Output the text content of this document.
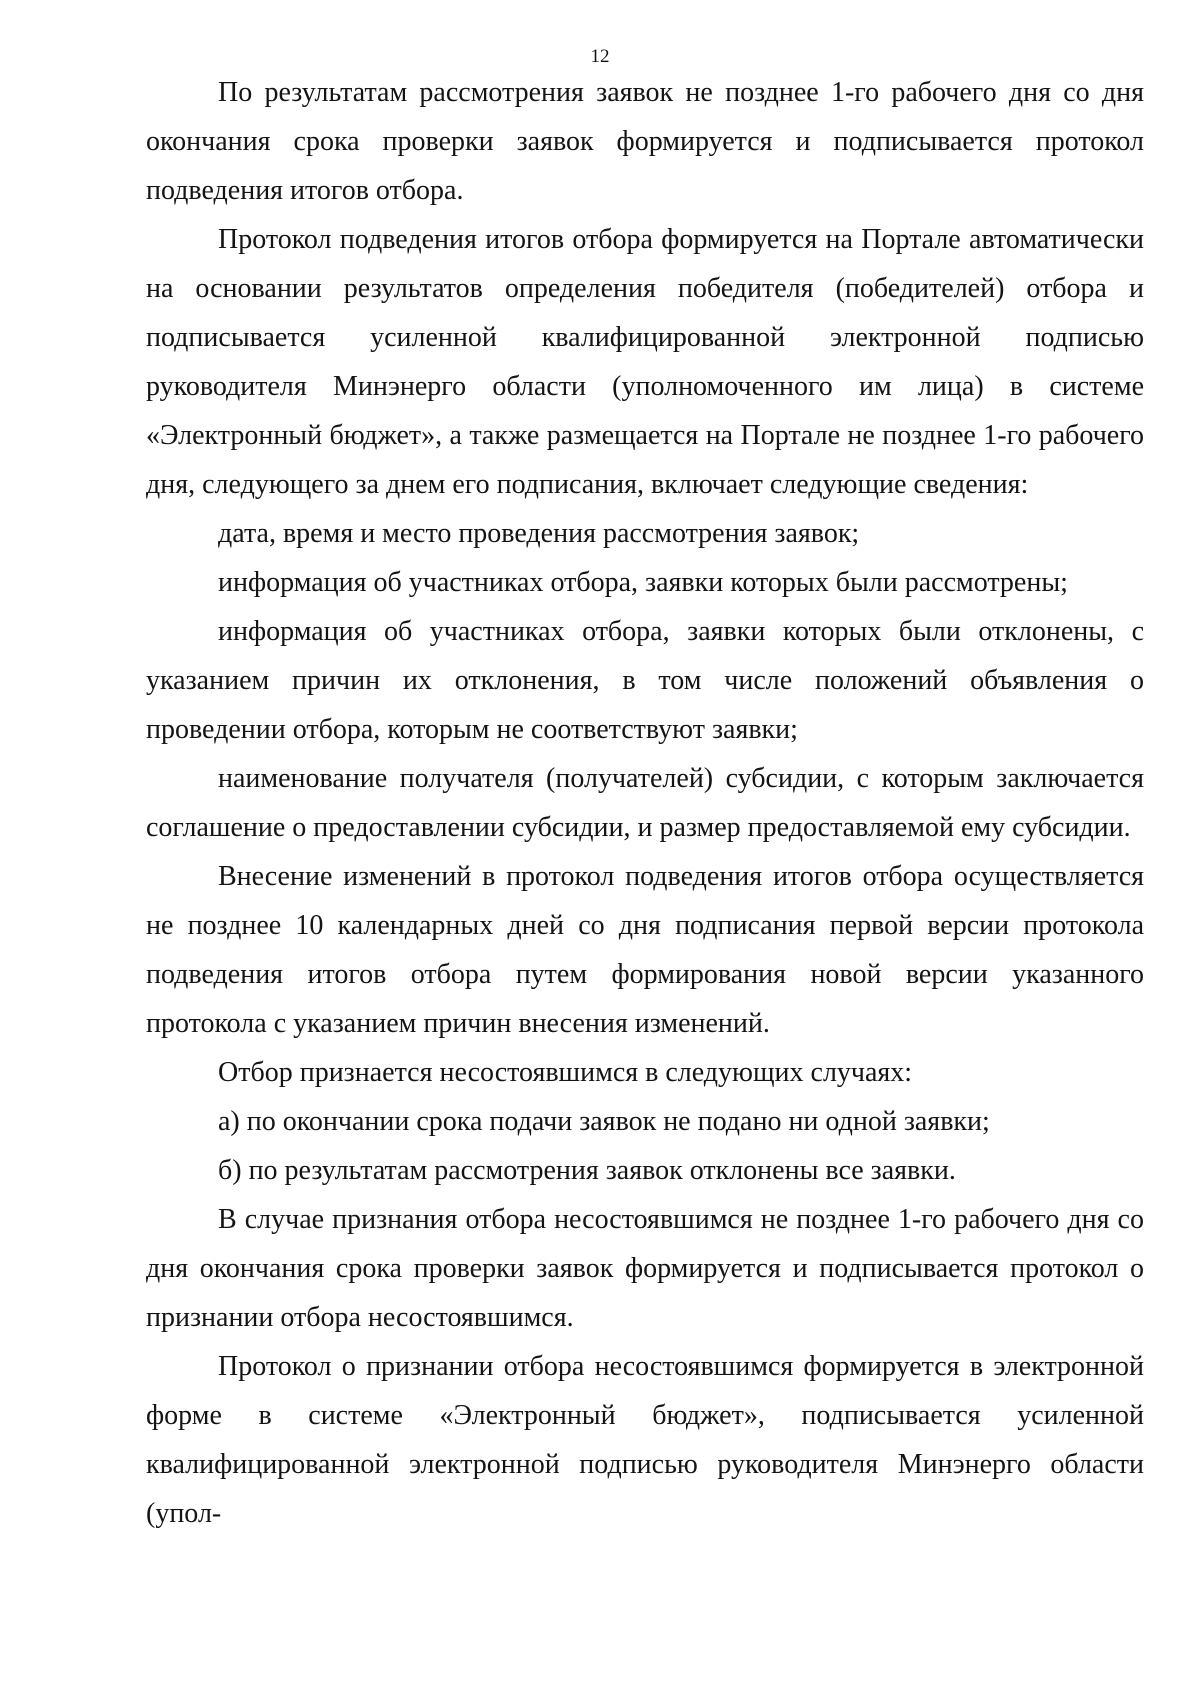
12

По результатам рассмотрения заявок не позднее 1-го рабочего дня со дня окончания срока проверки заявок формируется и подписывается протокол подведения итогов отбора.

Протокол подведения итогов отбора формируется на Портале автоматически на основании результатов определения победителя (победителей) отбора и подписывается усиленной квалифицированной электронной подписью руководителя Минэнерго области (уполномоченного им лица) в системе «Электронный бюджет», а также размещается на Портале не позднее 1-го рабочего дня, следующего за днем его подписания, включает следующие сведения:

дата, время и место проведения рассмотрения заявок;

информация об участниках отбора, заявки которых были рассмотрены;

информация об участниках отбора, заявки которых были отклонены, с указанием причин их отклонения, в том числе положений объявления о проведении отбора, которым не соответствуют заявки;

наименование получателя (получателей) субсидии, с которым заключается соглашение о предоставлении субсидии, и размер предоставляемой ему субсидии.

Внесение изменений в протокол подведения итогов отбора осуществляется не позднее 10 календарных дней со дня подписания первой версии протокола подведения итогов отбора путем формирования новой версии указанного протокола с указанием причин внесения изменений.

Отбор признается несостоявшимся в следующих случаях:

а) по окончании срока подачи заявок не подано ни одной заявки;

б) по результатам рассмотрения заявок отклонены все заявки.

В случае признания отбора несостоявшимся не позднее 1-го рабочего дня со дня окончания срока проверки заявок формируется и подписывается протокол о признании отбора несостоявшимся.

Протокол о признании отбора несостоявшимся формируется в электронной форме в системе «Электронный бюджет», подписывается усиленной квалифицированной электронной подписью руководителя Минэнерго области (упол-
